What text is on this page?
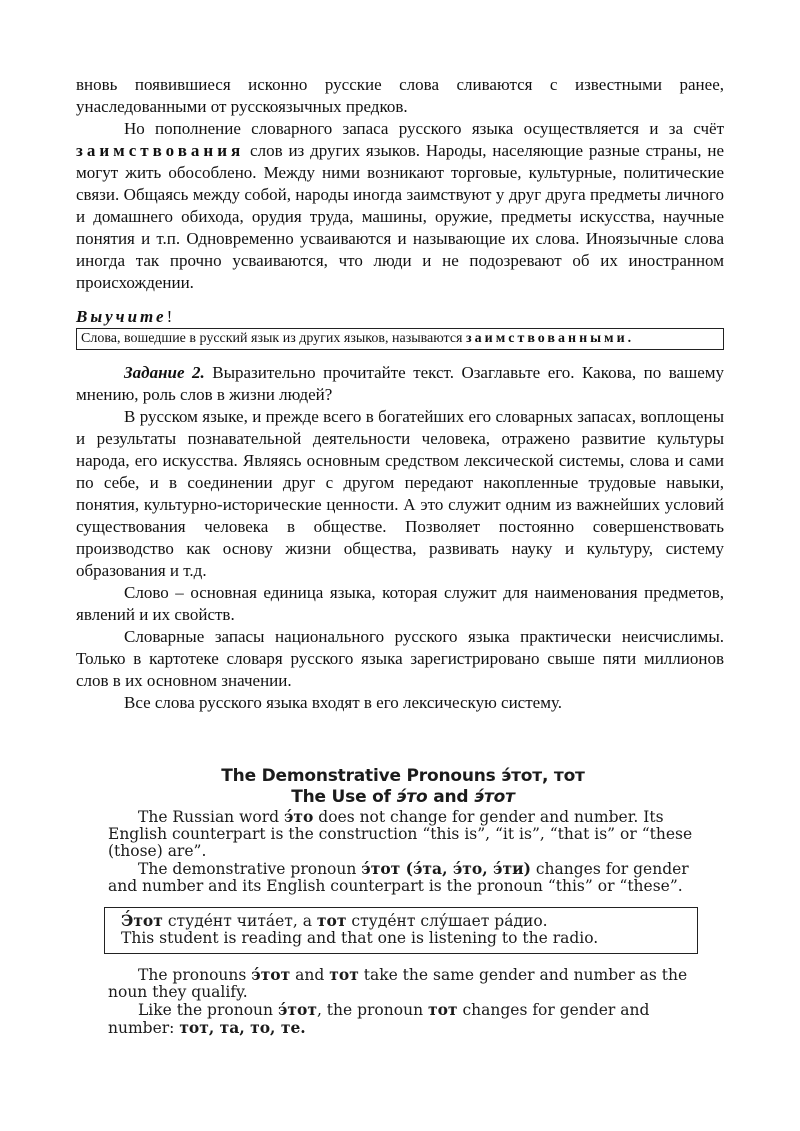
вновь появившиеся исконно русские слова сливаются с известными ранее, унаследованными от русскоязычных предков.

Но пополнение словарного запаса русского языка осуществляется и за счёт заимствования слов из других языков. Народы, населяющие разные страны, не могут жить обособлено. Между ними возникают торговые, культурные, политические связи. Общаясь между собой, народы иногда заимствуют у друг друга предметы личного и домашнего обихода, орудия труда, машины, оружие, предметы искусства, научные понятия и т.п. Одновременно усваиваются и называющие их слова. Иноязычные слова иногда так прочно усваиваются, что люди и не подозревают об их иностранном происхождении.

Выучите!
Слова, вошедшие в русский язык из других языков, называются заимствованными.

Задание 2. Выразительно прочитайте текст. Озаглавьте его. Какова, по вашему мнению, роль слов в жизни людей?

В русском языке, и прежде всего в богатейших его словарных запасах, воплощены и результаты познавательной деятельности человека, отражено развитие культуры народа, его искусства. Являясь основным средством лексической системы, слова и сами по себе, и в соединении друг с другом передают накопленные трудовые навыки, понятия, культурно-исторические ценности. А это служит одним из важнейших условий существования человека в обществе. Позволяет постоянно совершенствовать производство как основу жизни общества, развивать науку и культуру, систему образования и т.д.

Слово – основная единица языка, которая служит для наименования предметов, явлений и их свойств.

Словарные запасы национального русского языка практически неисчислимы. Только в картотеке словаря русского языка зарегистрировано свыше пяти миллионов слов в их основном значении.

Все слова русского языка входят в его лексическую систему.

The Demonstrative Pronouns э́тот, тот
The Use of э́то and э́тот

The Russian word э́то does not change for gender and number. Its English counterpart is the construction “this is”, “it is”, “that is” or “these (those) are”.

The demonstrative pronoun э́тот (э́та, э́то, э́ти) changes for gender and number and its English counterpart is the pronoun “this” or “these”.

Э́тот студе́нт чита́ет, а тот студе́нт слу́шает ра́дио.
This student is reading and that one is listening to the radio.

The pronouns э́тот and тот take the same gender and number as the noun they qualify.

Like the pronoun э́тот, the pronoun тот changes for gender and number: тот, та, то, те.
